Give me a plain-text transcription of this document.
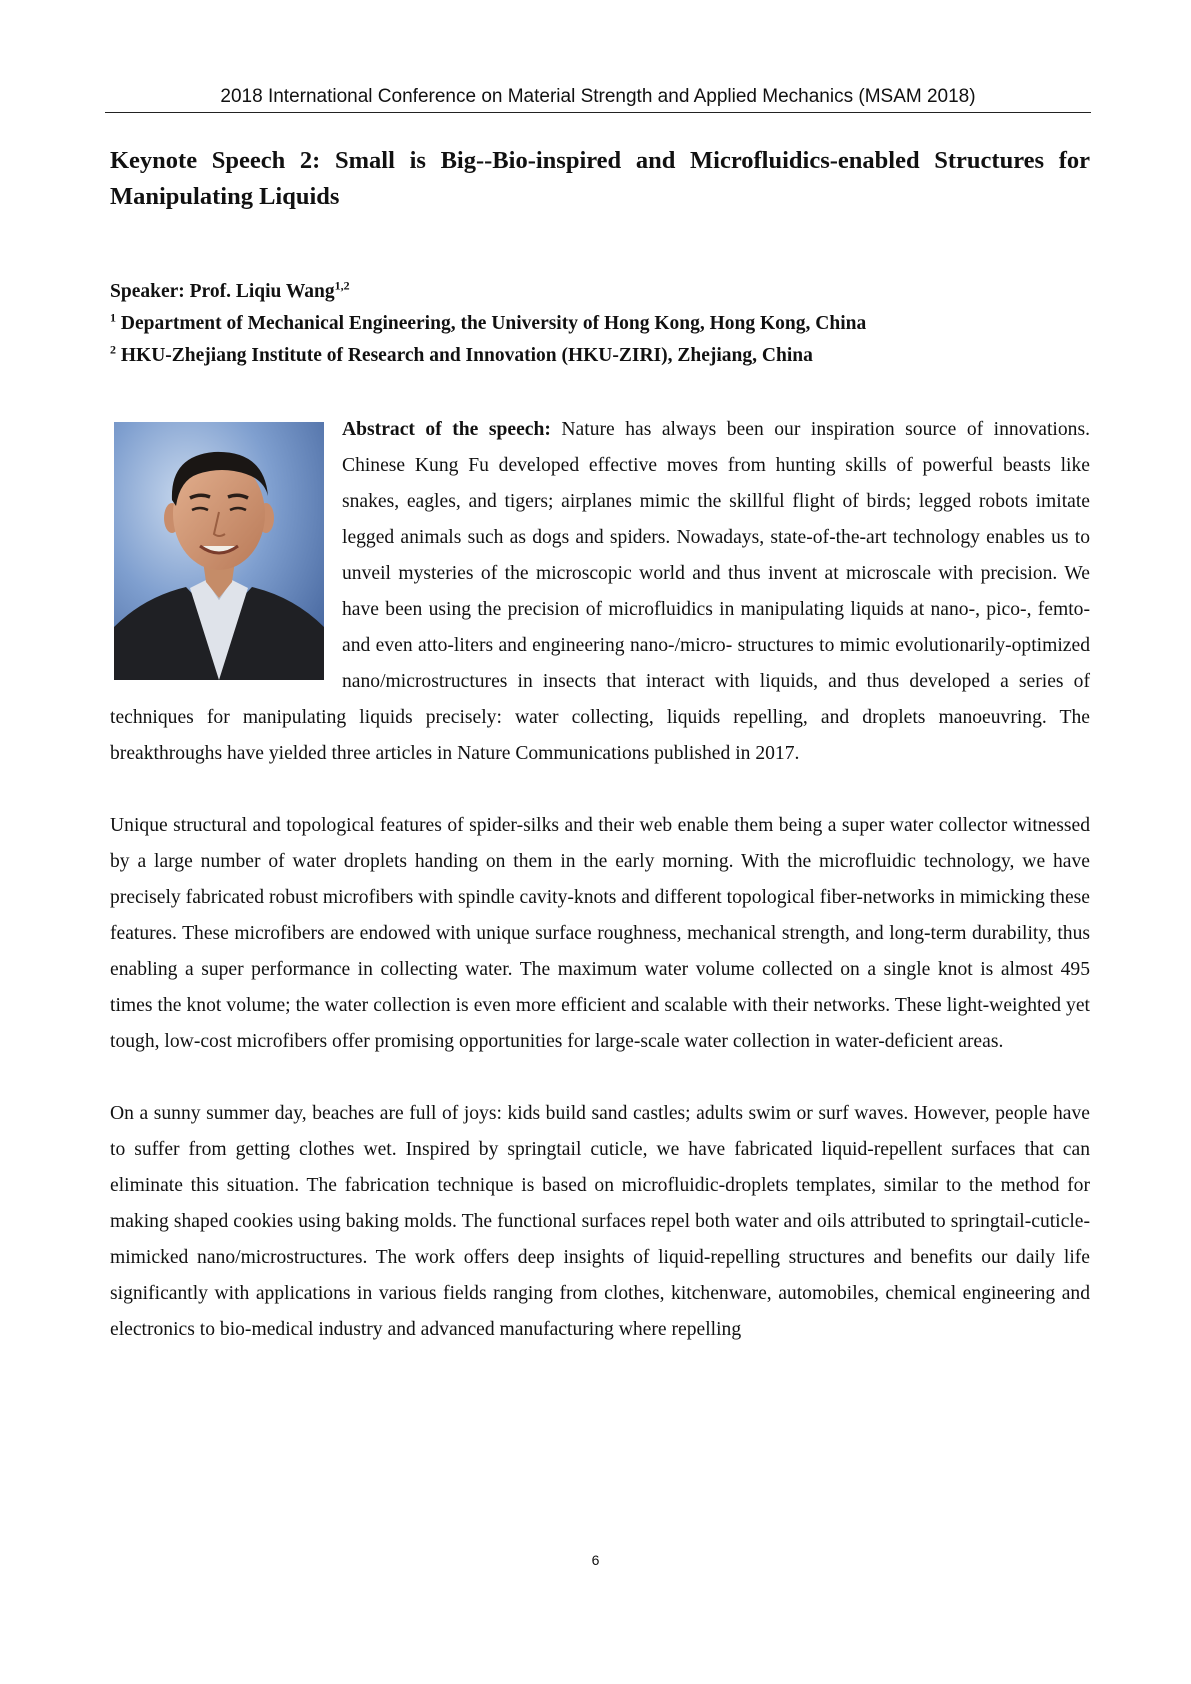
2018 International Conference on Material Strength and Applied Mechanics (MSAM 2018)
Keynote Speech 2: Small is Big--Bio-inspired and Microfluidics-enabled Structures for Manipulating Liquids
Speaker: Prof. Liqiu Wang$^{1,2}$
$^1$ Department of Mechanical Engineering, the University of Hong Kong, Hong Kong, China
$^2$ HKU-Zhejiang Institute of Research and Innovation (HKU-ZIRI), Zhejiang, China

Abstract of the speech: Nature has always been our inspiration source of innovations. Chinese Kung Fu developed effective moves from hunting skills of powerful beasts like snakes, eagles, and tigers; airplanes mimic the skillful flight of birds; legged robots imitate legged animals such as dogs and spiders. Nowadays, state-of-the-art technology enables us to unveil mysteries of the microscopic world and thus invent at microscale with precision. We have been using the precision of microfluidics in manipulating liquids at nano-, pico-, femto- and even atto-liters and engineering nano-/micro- structures to mimic evolutionarily-optimized nano/microstructures in insects that interact with liquids, and thus developed a series of techniques for manipulating liquids precisely: water collecting, liquids repelling, and droplets manoeuvring. The breakthroughs have yielded three articles in Nature Communications published in 2017.

Unique structural and topological features of spider-silks and their web enable them being a super water collector witnessed by a large number of water droplets handing on them in the early morning. With the microfluidic technology, we have precisely fabricated robust microfibers with spindle cavity-knots and different topological fiber-networks in mimicking these features. These microfibers are endowed with unique surface roughness, mechanical strength, and long-term durability, thus enabling a super performance in collecting water. The maximum water volume collected on a single knot is almost 495 times the knot volume; the water collection is even more efficient and scalable with their networks. These light-weighted yet tough, low-cost microfibers offer promising opportunities for large-scale water collection in water-deficient areas.

On a sunny summer day, beaches are full of joys: kids build sand castles; adults swim or surf waves. However, people have to suffer from getting clothes wet. Inspired by springtail cuticle, we have fabricated liquid-repellent surfaces that can eliminate this situation. The fabrication technique is based on microfluidic-droplets templates, similar to the method for making shaped cookies using baking molds. The functional surfaces repel both water and oils attributed to springtail-cuticle-mimicked nano/microstructures. The work offers deep insights of liquid-repelling structures and benefits our daily life significantly with applications in various fields ranging from clothes, kitchenware, automobiles, chemical engineering and electronics to bio-medical industry and advanced manufacturing where repelling

6
